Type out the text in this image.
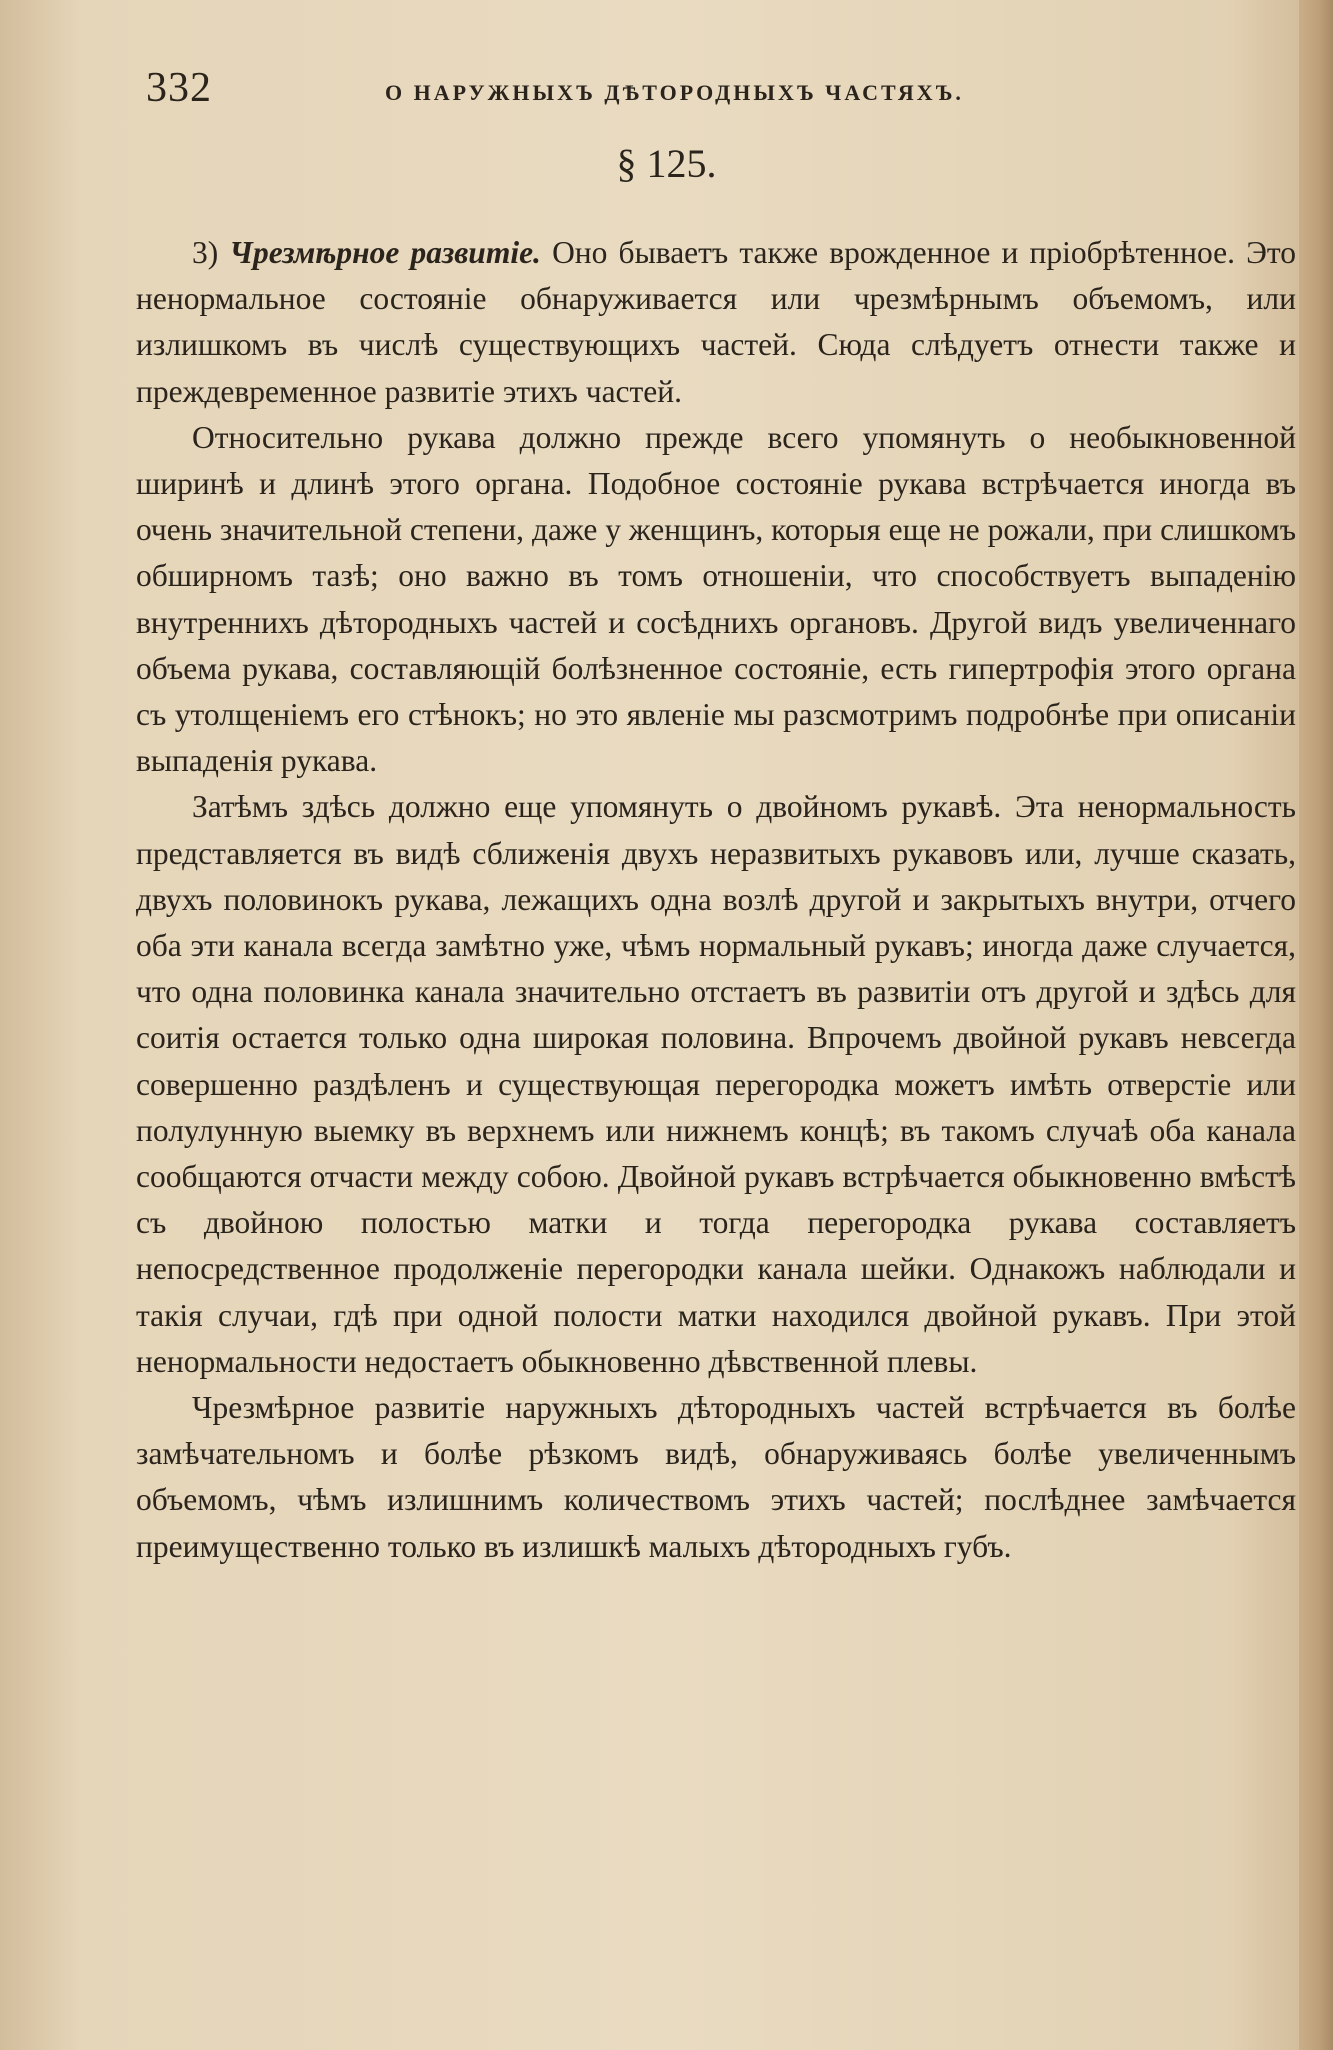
332	О НАРУЖНЫХЪ ДѢТОРОДНЫХЪ ЧАСТЯХЪ.
§ 125.

3) Чрезмѣрное развитіе. Оно бываетъ также врожденное и пріобрѣтенное. Это ненормальное состояніе обнаруживается или чрезмѣрнымъ объемомъ, или излишкомъ въ числѣ существующихъ частей. Сюда слѣдуетъ отнести также и преждевременное развитіе этихъ частей.

Относительно рукава должно прежде всего упомянуть о необыкновенной ширинѣ и длинѣ этого органа. Подобное состояніе рукава встрѣчается иногда въ очень значительной степени, даже у женщинъ, которыя еще не рожали, при слишкомъ обширномъ тазѣ; оно важно въ томъ отношеніи, что способствуетъ выпаденію внутреннихъ дѣтородныхъ частей и сосѣднихъ органовъ. Другой видъ увеличеннаго объема рукава, составляющій болѣзненное состояніе, есть гипертрофія этого органа съ утолщеніемъ его стѣнокъ; но это явленіе мы разсмотримъ подробнѣе при описаніи выпаденія рукава.

Затѣмъ здѣсь должно еще упомянуть о двойномъ рукавѣ. Эта ненормальность представляется въ видѣ сближенія двухъ неразвитыхъ рукавовъ или, лучше сказать, двухъ половинокъ рукава, лежащихъ одна возлѣ другой и закрытыхъ внутри, отчего оба эти канала всегда замѣтно уже, чѣмъ нормальный рукавъ; иногда даже случается, что одна половинка канала значительно отстаетъ въ развитіи отъ другой и здѣсь для соитія остается только одна широкая половина. Впрочемъ двойной рукавъ невсегда совершенно раздѣленъ и существующая перегородка можетъ имѣть отверстіе или полулунную выемку въ верхнемъ или нижнемъ концѣ; въ такомъ случаѣ оба канала сообщаются отчасти между собою. Двойной рукавъ встрѣчается обыкновенно вмѣстѣ съ двойною полостью матки и тогда перегородка рукава составляетъ непосредственное продолженіе перегородки канала шейки. Однакожъ наблюдали и такія случаи, гдѣ при одной полости матки находился двойной рукавъ. При этой ненормальности недостаетъ обыкновенно дѣвственной плевы.

Чрезмѣрное развитіе наружныхъ дѣтородныхъ частей встрѣчается въ болѣе замѣчательномъ и болѣе рѣзкомъ видѣ, обнаруживаясь болѣе увеличеннымъ объемомъ, чѣмъ излишнимъ количествомъ этихъ частей; послѣднее замѣчается преимущественно только въ излишкѣ малыхъ дѣтородныхъ губъ.
